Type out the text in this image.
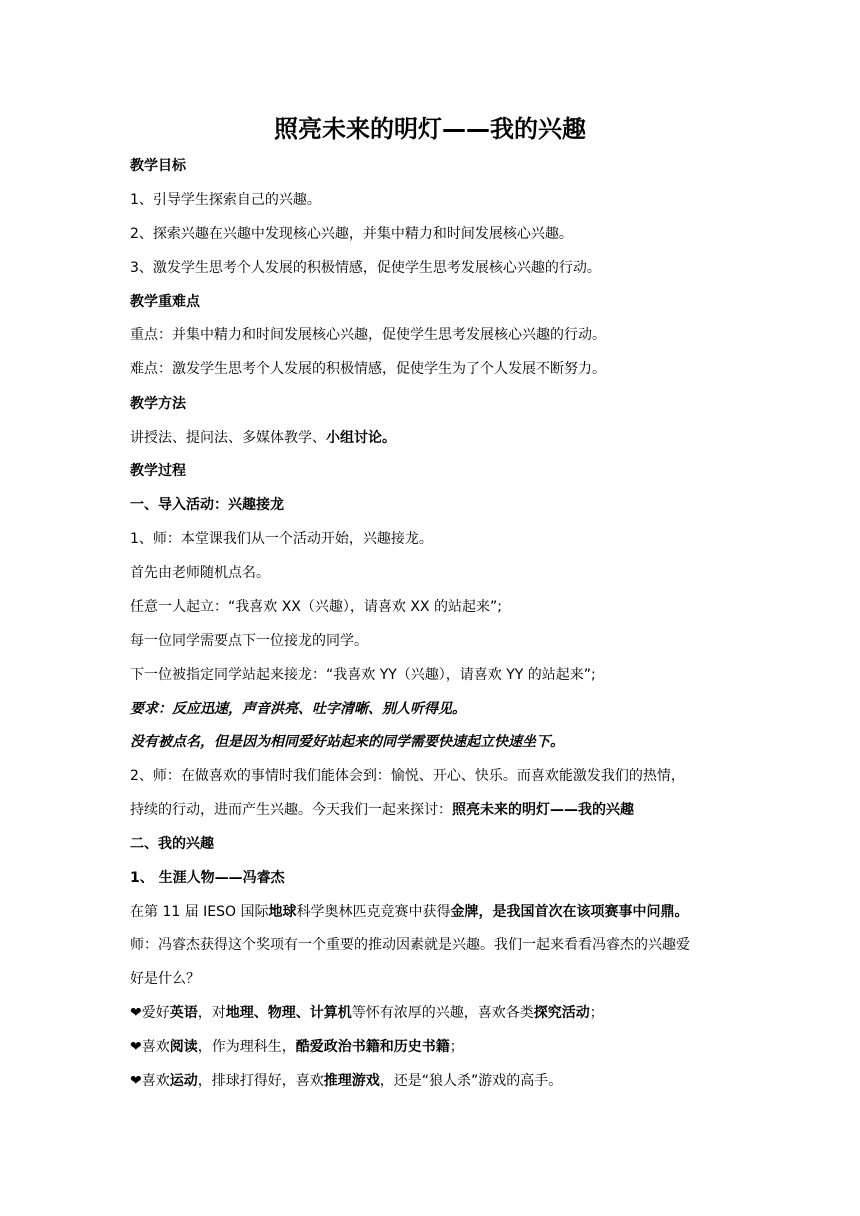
照亮未来的明灯——我的兴趣
教学目标
1、引导学生探索自己的兴趣。
2、探索兴趣在兴趣中发现核心兴趣，并集中精力和时间发展核心兴趣。
3、激发学生思考个人发展的积极情感，促使学生思考发展核心兴趣的行动。
教学重难点
重点：并集中精力和时间发展核心兴趣，促使学生思考发展核心兴趣的行动。
难点：激发学生思考个人发展的积极情感，促使学生为了个人发展不断努力。
教学方法
讲授法、提问法、多媒体教学、小组讨论。
教学过程
一、导入活动：兴趣接龙
1、师：本堂课我们从一个活动开始，兴趣接龙。
首先由老师随机点名。
任意一人起立：“我喜欢 XX（兴趣），请喜欢 XX 的站起来”;
每一位同学需要点下一位接龙的同学。
下一位被指定同学站起来接龙：“我喜欢 YY（兴趣），请喜欢 YY 的站起来”;
要求：反应迅速，声音洪亮、吐字清晰、别人听得见。
没有被点名，但是因为相同爱好站起来的同学需要快速起立快速坐下。
2、师：在做喜欢的事情时我们能体会到：愉悦、开心、快乐。而喜欢能激发我们的热情，
持续的行动，进而产生兴趣。今天我们一起来探讨：照亮未来的明灯——我的兴趣
二、我的兴趣
1、 生涯人物——冯睿杰
在第 11 届 IESO 国际地球科学奥林匹克竞赛中获得金牌，是我国首次在该项赛事中问鼎。
师：冯睿杰获得这个奖项有一个重要的推动因素就是兴趣。我们一起来看看冯睿杰的兴趣爱
好是什么？
❤爱好英语，对地理、物理、计算机等怀有浓厚的兴趣，喜欢各类探究活动；
❤喜欢阅读，作为理科生，酷爱政治书籍和历史书籍；
❤喜欢运动，排球打得好，喜欢推理游戏，还是“狼人杀”游戏的高手。
